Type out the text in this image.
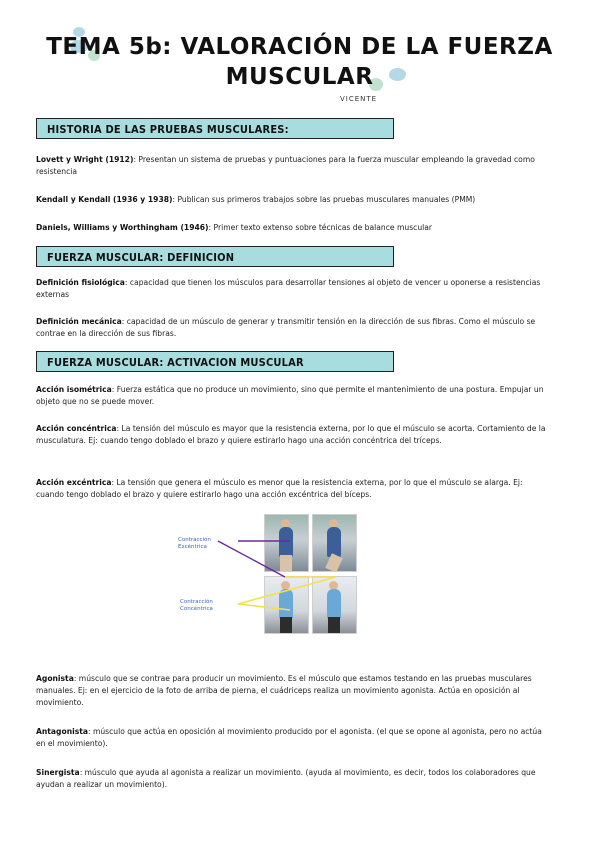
TEMA 5b: VALORACIÓN DE LA FUERZA
MUSCULAR
VICENTE
HISTORIA DE LAS PRUEBAS MUSCULARES:
Lovett y Wright (1912): Presentan un sistema de pruebas y puntuaciones para la fuerza muscular empleando la gravedad como resistencia
Kendall y Kendall (1936 y 1938): Publican sus primeros trabajos sobre las pruebas musculares manuales (PMM)
Daniels, Williams y Worthingham (1946): Primer texto extenso sobre técnicas de balance muscular
FUERZA MUSCULAR: DEFINICION
Definición fisiológica: capacidad que tienen los músculos para desarrollar tensiones al objeto de vencer u oponerse a resistencias externas
Definición mecánica: capacidad de un músculo de generar y transmitir tensión en la dirección de sus fibras. Como el músculo se contrae en la dirección de sus fibras.
FUERZA MUSCULAR: ACTIVACION MUSCULAR
Acción isométrica: Fuerza estática que no produce un movimiento, sino que permite el mantenimiento de una postura. Empujar un objeto que no se puede mover.
Acción concéntrica: La tensión del músculo es mayor que la resistencia externa, por lo que el músculo se acorta. Cortamiento de la musculatura. Ej: cuando tengo doblado el brazo y quiere estirarlo hago una acción concéntrica del tríceps.
Acción excéntrica: La tensión que genera el músculo es menor que la resistencia externa, por lo que el músculo se alarga. Ej: cuando tengo doblado el brazo y quiere estirarlo hago una acción excéntrica del bíceps.
Contracción
Excéntrica
Contracción
Concéntrica
Agonista: músculo que se contrae para producir un movimiento. Es el músculo que estamos testando en las pruebas musculares manuales. Ej: en el ejercicio de la foto de arriba de pierna, el cuádriceps realiza un movimiento agonista. Actúa en oposición al movimiento.
Antagonista: músculo que actúa en oposición al movimiento producido por el agonista. (el que se opone al agonista, pero no actúa en el movimiento).
Sinergista: músculo que ayuda al agonista a realizar un movimiento. (ayuda al movimiento, es decir, todos los colaboradores que ayudan a realizar un movimiento).
